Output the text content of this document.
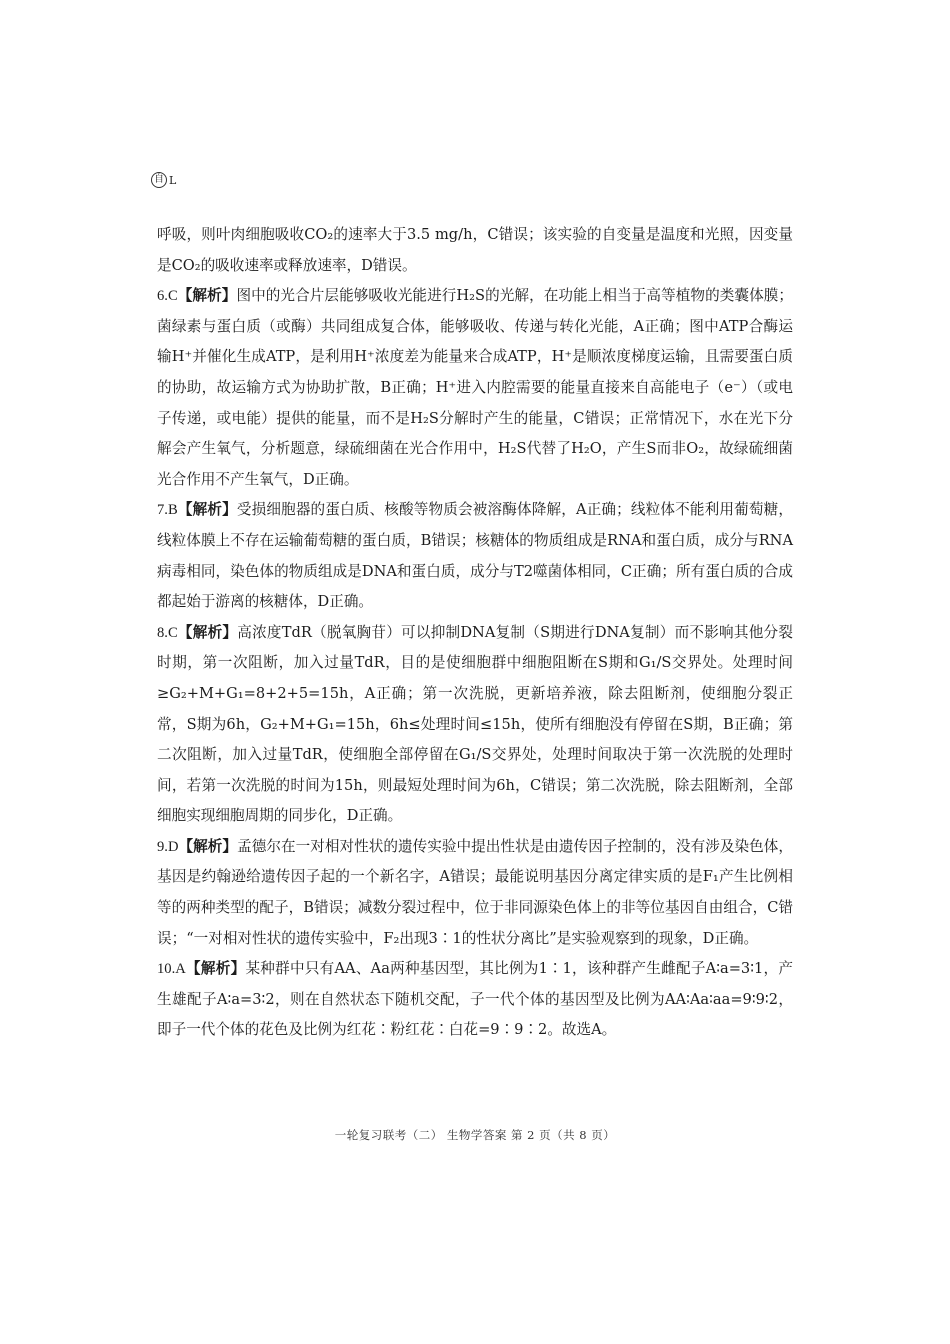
自 L

呼吸，则叶肉细胞吸收CO₂的速率大于3.5 mg/h，C错误；该实验的自变量是温度和光照，因变量是CO₂的吸收速率或释放速率，D错误。

6.C【解析】图中的光合片层能够吸收光能进行H₂S的光解，在功能上相当于高等植物的类囊体膜；菌绿素与蛋白质（或酶）共同组成复合体，能够吸收、传递与转化光能，A正确；图中ATP合酶运输H⁺并催化生成ATP，是利用H⁺浓度差为能量来合成ATP，H⁺是顺浓度梯度运输，且需要蛋白质的协助，故运输方式为协助扩散，B正确；H⁺进入内腔需要的能量直接来自高能电子（e⁻）（或电子传递，或电能）提供的能量，而不是H₂S分解时产生的能量，C错误；正常情况下，水在光下分解会产生氧气，分析题意，绿硫细菌在光合作用中，H₂S代替了H₂O，产生S而非O₂，故绿硫细菌光合作用不产生氧气，D正确。

7.B【解析】受损细胞器的蛋白质、核酸等物质会被溶酶体降解，A正确；线粒体不能利用葡萄糖，线粒体膜上不存在运输葡萄糖的蛋白质，B错误；核糖体的物质组成是RNA和蛋白质，成分与RNA病毒相同，染色体的物质组成是DNA和蛋白质，成分与T2噬菌体相同，C正确；所有蛋白质的合成都起始于游离的核糖体，D正确。

8.C【解析】高浓度TdR（脱氧胸苷）可以抑制DNA复制（S期进行DNA复制）而不影响其他分裂时期，第一次阻断，加入过量TdR，目的是使细胞群中细胞阻断在S期和G₁/S交界处。处理时间≥G₂+M+G₁=8+2+5=15h，A正确；第一次洗脱，更新培养液，除去阻断剂，使细胞分裂正常，S期为6h，G₂+M+G₁=15h，6h≤处理时间≤15h，使所有细胞没有停留在S期，B正确；第二次阻断，加入过量TdR，使细胞全部停留在G₁/S交界处，处理时间取决于第一次洗脱的处理时间，若第一次洗脱的时间为15h，则最短处理时间为6h，C错误；第二次洗脱，除去阻断剂，全部细胞实现细胞周期的同步化，D正确。

9.D【解析】孟德尔在一对相对性状的遗传实验中提出性状是由遗传因子控制的，没有涉及染色体，基因是约翰逊给遗传因子起的一个新名字，A错误；最能说明基因分离定律实质的是F₁产生比例相等的两种类型的配子，B错误；减数分裂过程中，位于非同源染色体上的非等位基因自由组合，C错误；“一对相对性状的遗传实验中，F₂出现3∶1的性状分离比”是实验观察到的现象，D正确。

10.A【解析】某种群中只有AA、Aa两种基因型，其比例为1∶1，该种群产生雌配子A∶a=3∶1，产生雄配子A∶a=3∶2，则在自然状态下随机交配，子一代个体的基因型及比例为AA∶Aa∶aa=9∶9∶2，即子一代个体的花色及比例为红花∶粉红花∶白花=9∶9∶2。故选A。

一轮复习联考（二） 生物学答案 第 2 页（共 8 页）
